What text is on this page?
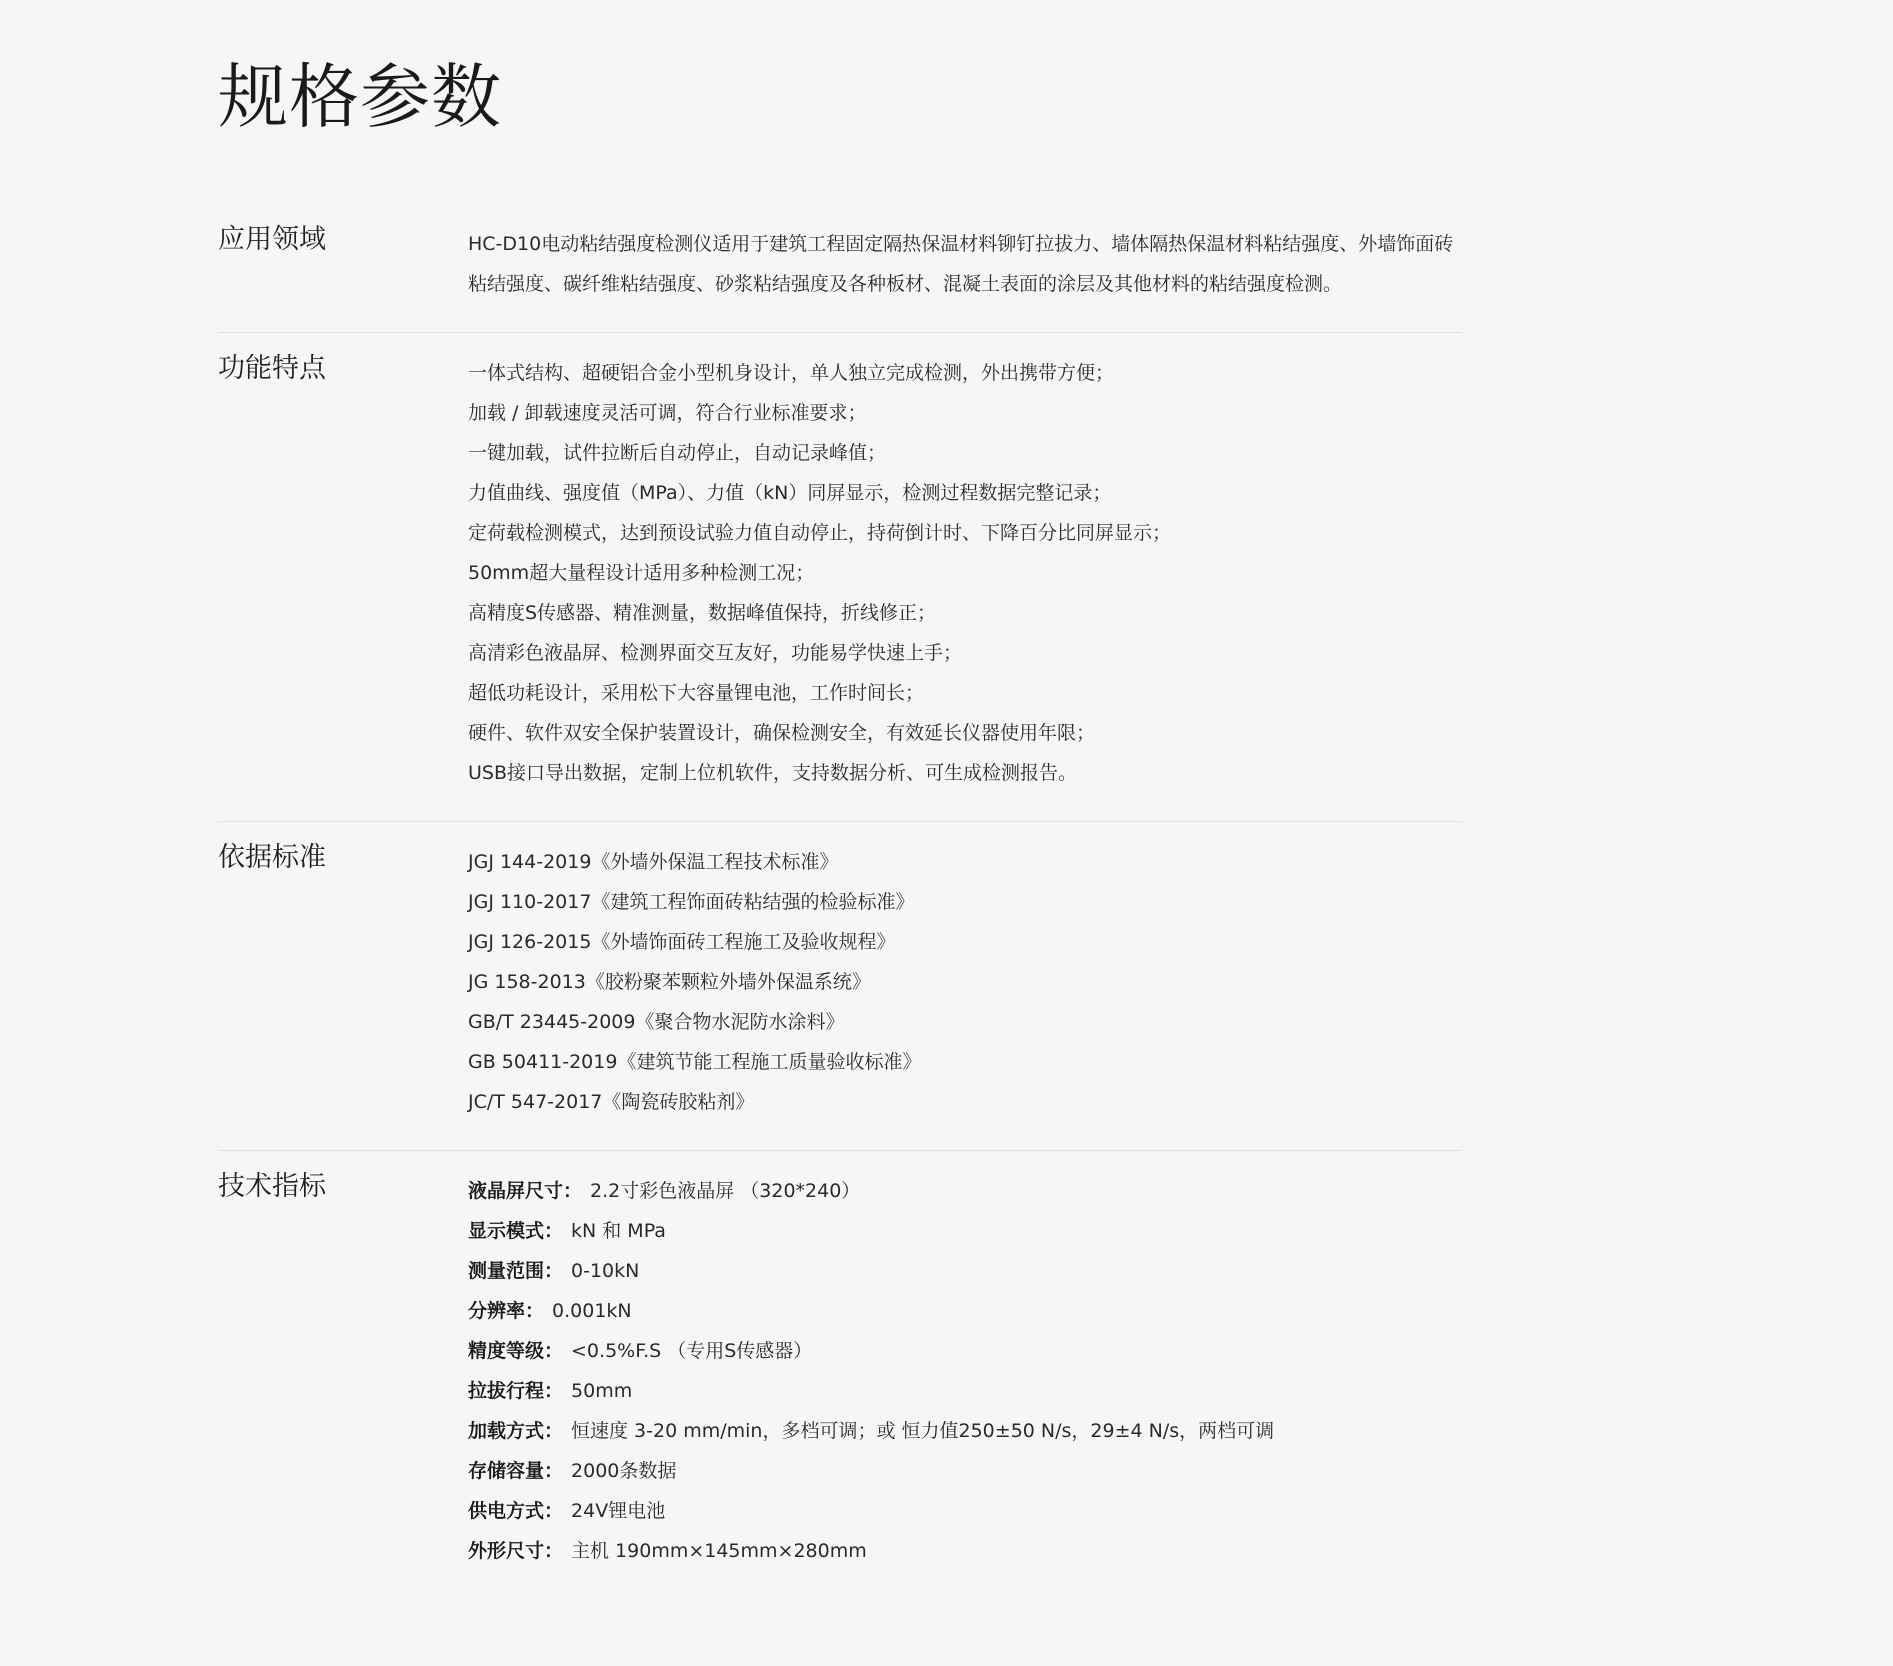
规格参数
应用领域	HC-D10电动粘结强度检测仪适用于建筑工程固定隔热保温材料铆钉拉拔力、墙体隔热保温材料粘结强度、外墙饰面砖粘结强度、碳纤维粘结强度、砂浆粘结强度及各种板材、混凝土表面的涂层及其他材料的粘结强度检测。
功能特点	一体式结构、超硬铝合金小型机身设计，单人独立完成检测，外出携带方便；
加载 / 卸载速度灵活可调，符合行业标准要求；
一键加载，试件拉断后自动停止，自动记录峰值；
力值曲线、强度值（MPa）、力值（kN）同屏显示，检测过程数据完整记录；
定荷载检测模式，达到预设试验力值自动停止，持荷倒计时、下降百分比同屏显示；
50mm超大量程设计适用多种检测工况；
高精度S传感器、精准测量，数据峰值保持，折线修正；
高清彩色液晶屏、检测界面交互友好，功能易学快速上手；
超低功耗设计，采用松下大容量锂电池，工作时间长；
硬件、软件双安全保护装置设计，确保检测安全，有效延长仪器使用年限；
USB接口导出数据，定制上位机软件，支持数据分析、可生成检测报告。
依据标准	JGJ 144-2019《外墙外保温工程技术标准》
JGJ 110-2017《建筑工程饰面砖粘结强的检验标准》
JGJ 126-2015《外墙饰面砖工程施工及验收规程》
JG 158-2013《胶粉聚苯颗粒外墙外保温系统》
GB/T 23445-2009《聚合物水泥防水涂料》
GB 50411-2019《建筑节能工程施工质量验收标准》
JC/T 547-2017《陶瓷砖胶粘剂》
技术指标	液晶屏尺寸： 2.2寸彩色液晶屏 （320*240）
显示模式： kN 和 MPa
测量范围： 0-10kN
分辨率： 0.001kN
精度等级： <0.5%F.S （专用S传感器）
拉拔行程： 50mm
加载方式： 恒速度 3-20 mm/min，多档可调；或 恒力值250±50 N/s，29±4 N/s，两档可调
存储容量： 2000条数据
供电方式： 24V锂电池
外形尺寸： 主机 190mm×145mm×280mm
